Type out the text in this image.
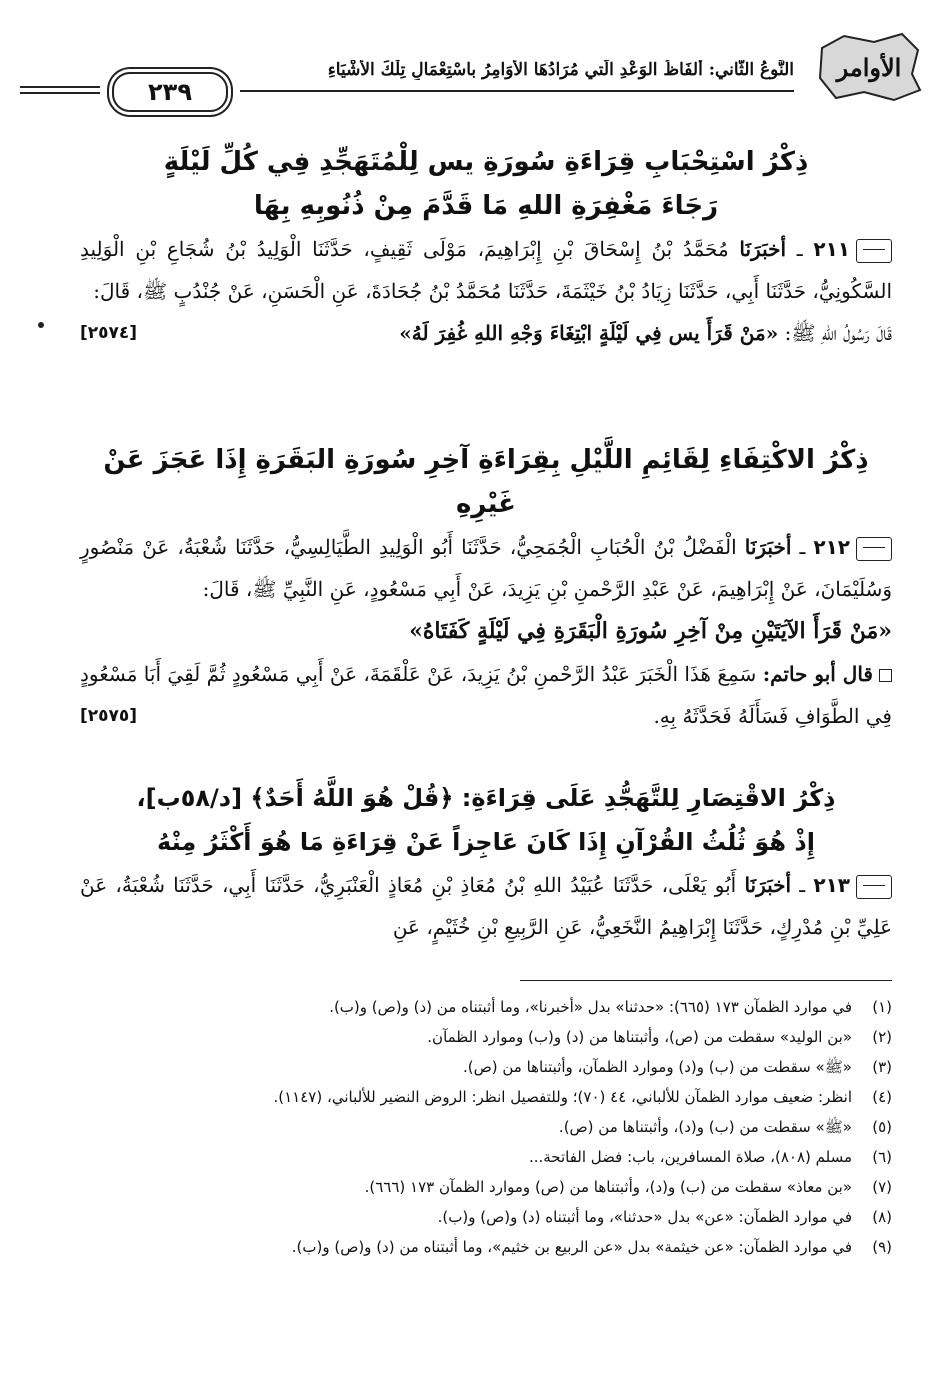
٢٣٩
النَّوعُ الثَّاني: أَلفَاظُ الوَعْدِ الَّتي مُرَادُهَا الأوَامِرُ باسْتِعْمَالِ تِلْكَ الأشْيَاءِ الأوامر
ذِكْرُ اسْتِحْبَابِ قِرَاءَةِ سُورَةِ يس لِلْمُتَهَجِّدِ فِي كُلِّ لَيْلَةٍ
رَجَاءَ مَغْفِرَةِ اللهِ مَا قَدَّمَ مِنْ ذُنُوبِهِ بِهَا
٢١١ ـ أخبَرَنَا مُحَمَّدُ بْنُ إِسْحَاقَ بْنِ إِبْرَاهِيمَ، مَوْلَى ثَقِيفٍ، حَدَّثَنَا الْوَلِيدُ بْنُ شُجَاعِ بْنِ الْوَلِيدِ السَّكُونِيُّ، حَدَّثَنَا أَبِي، حَدَّثَنَا زِيَادُ بْنُ خَيْثَمَةَ، حَدَّثَنَا مُحَمَّدُ بْنُ جُحَادَةَ، عَنِ الْحَسَنِ، عَنْ جُنْدُبٍ ﷺ، قَالَ:
[٢٥٧٤]	قَالَ رَسُولُ اللهِ ﷺ: «مَنْ قَرَأَ يس فِي لَيْلَةٍ ابْتِغَاءَ وَجْهِ اللهِ غُفِرَ لَهُ»
ذِكْرُ الاكْتِفَاءِ لِقَائِمِ اللَّيْلِ بِقِرَاءَةِ آخِرِ سُورَةِ البَقَرَةِ إِذَا عَجَزَ عَنْ غَيْرِهِ
٢١٢ ـ أخبَرَنَا الْفَضْلُ بْنُ الْحُبَابِ الْجُمَحِيُّ، حَدَّثَنَا أَبُو الْوَلِيدِ الطَّيَالِسِيُّ، حَدَّثَنَا شُعْبَةُ، عَنْ مَنْصُورٍ وَسُلَيْمَانَ، عَنْ إِبْرَاهِيمَ، عَنْ عَبْدِ الرَّحْمنِ بْنِ يَزِيدَ، عَنْ أَبِي مَسْعُودٍ، عَنِ النَّبِيِّ ﷺ، قَالَ:
«مَنْ قَرَأَ الآيَتَيْنِ مِنْ آخِرِ سُورَةِ الْبَقَرَةِ فِي لَيْلَةٍ كَفَتَاهُ»
قال أبو حاتم: سَمِعَ هَذَا الْخَبَرَ عَبْدُ الرَّحْمنِ بْنُ يَزِيدَ، عَنْ عَلْقَمَةَ، عَنْ أَبِي مَسْعُودٍ ثُمَّ لَقِيَ أَبَا مَسْعُودٍ فِي الطَّوَافِ فَسَأَلَهُ فَحَدَّثَهُ بِهِ.
[٢٥٧٥]
ذِكْرُ الاقْتِصَارِ لِلتَّهَجُّدِ عَلَى قِرَاءَةِ: ﴿قُلْ هُوَ اللَّهُ أَحَدٌ﴾ [د/٥٨ب]،
إِذْ هُوَ ثُلُثُ القُرْآنِ إِذَا كَانَ عَاجِزاً عَنْ قِرَاءَةِ مَا هُوَ أَكْثَرُ مِنْهُ
٢١٣ ـ أخبَرَنَا أَبُو يَعْلَى، حَدَّثَنَا عُبَيْدُ اللهِ بْنُ مُعَاذِ بْنِ مُعَاذٍ الْعَنْبَرِيُّ، حَدَّثَنَا أَبِي، حَدَّثَنَا شُعْبَةُ، عَنْ عَلِيِّ بْنِ مُدْرِكٍ، حَدَّثَنَا إِبْرَاهِيمُ النَّخَعِيُّ، عَنِ الرَّبِيعِ بْنِ خُثَيْمٍ، عَنِ
(١)
في موارد الظمآن ١٧٣ (٦٦٥): «حدثنا» بدل «أخبرنا»، وما أثبتناه من (د) و(ص) و(ب).
(٢)
«بن الوليد» سقطت من (ص)، وأثبتناها من (د) و(ب) وموارد الظمآن.
(٣)
«ﷺ» سقطت من (ب) و(د) وموارد الظمآن، وأثبتناها من (ص).
(٤)
انظر: ضعيف موارد الظمآن للألباني، ٤٤ (٧٠)؛ وللتفصيل انظر: الروض النضير للألباني، (١١٤٧).
(٥)
«ﷺ» سقطت من (ب) و(د)، وأثبتناها من (ص).
(٦)
مسلم (٨٠٨)، صلاة المسافرين، باب: فضل الفاتحة...
(٧)
«بن معاذ» سقطت من (ب) و(د)، وأثبتناها من (ص) وموارد الظمآن ١٧٣ (٦٦٦).
(٨)
في موارد الظمآن: «عن» بدل «حدثنا»، وما أثبتناه (د) و(ص) و(ب).
(٩)
في موارد الظمآن: «عن خيثمة» بدل «عن الربيع بن خثيم»، وما أثبتناه من (د) و(ص) و(ب).
